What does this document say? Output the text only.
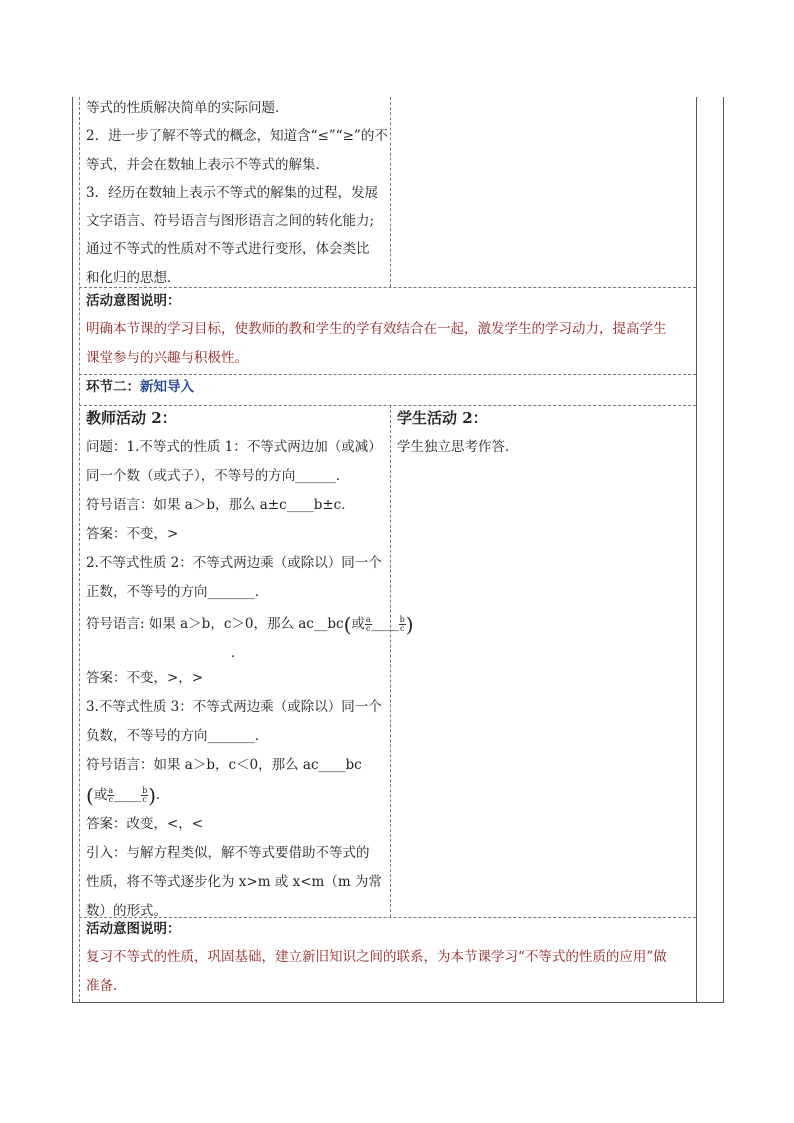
等式的性质解决简单的实际问题．

2．进一步了解不等式的概念，知道含“≤”“≥”的不

等式，并会在数轴上表示不等式的解集．

3．经历在数轴上表示不等式的解集的过程，发展

文字语言、符号语言与图形语言之间的转化能力;

通过不等式的性质对不等式进行变形，体会类比

和化归的思想．

活动意图说明：

明确本节课的学习目标，使教师的教和学生的学有效结合在一起，激发学生的学习动力，提高学生

课堂参与的兴趣与积极性。

环节二：新知导入

教师活动 2：

问题：1.不等式的性质 1：不等式两边加（或减）

同一个数（或式子），不等号的方向______．

符号语言：如果 a＞b，那么 a±c____b±c．

答案：不变，>

2.不等式性质 2：不等式两边乘（或除以）同一个

正数，不等号的方向_______．

符号语言: 如果 a＞b，c＞0，那么 ac__bc(或 $\frac{a}{c}$ ____ $\frac{b}{c}$ )

．

答案：不变，>，>

3.不等式性质 3：不等式两边乘（或除以）同一个

负数，不等号的方向_______．

符号语言：如果 a＞b，c＜0，那么 ac____bc

(或 $\frac{a}{c}$ ____ $\frac{b}{c}$ )．

答案：改变，<，<

引入：与解方程类似，解不等式要借助不等式的

性质，将不等式逐步化为 x>m 或 x<m（m 为常

数）的形式。

学生活动 2：

学生独立思考作答．

活动意图说明：

复习不等式的性质，巩固基础，建立新旧知识之间的联系，为本节课学习“不等式的性质的应用”做

准备．
